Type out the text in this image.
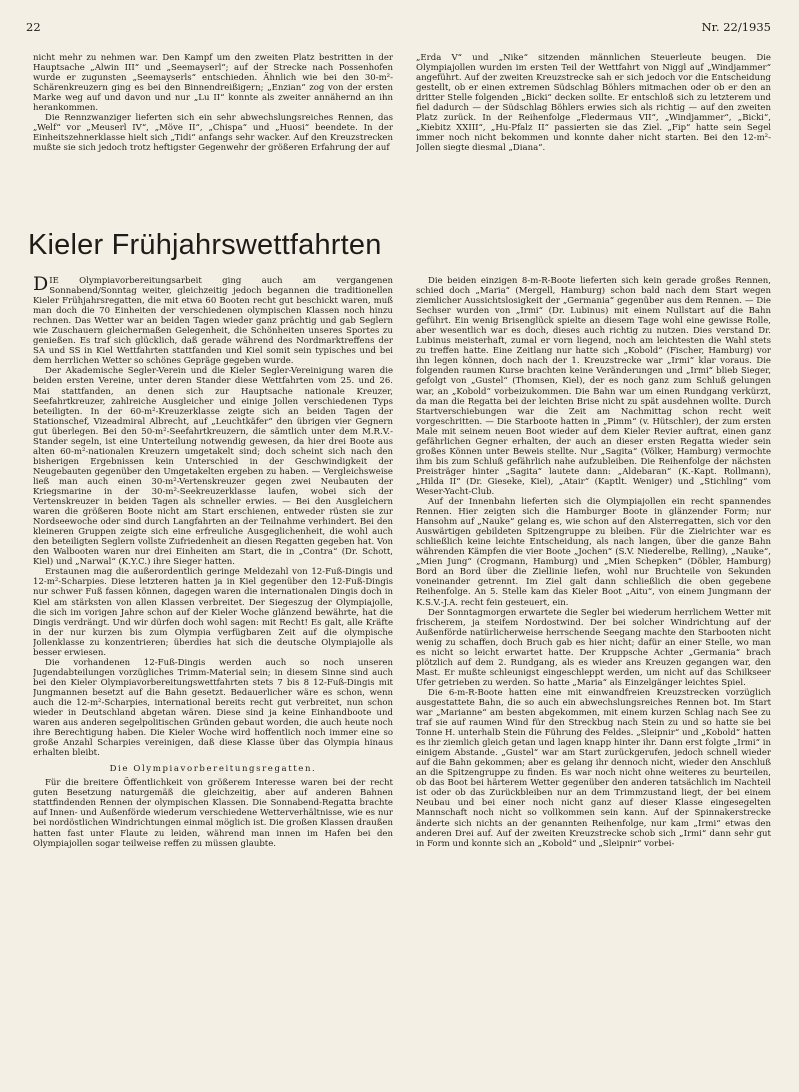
22	Nr. 22/1935

nicht mehr zu nehmen war. Den Kampf um den zweiten Platz bestritten in der Hauptsache „Alwin III“ und „Seemayserl“; auf der Strecke nach Possenhofen wurde er zugunsten „Seemayserls“ entschieden. Ähnlich wie bei den 30-m²-Schärenkreuzern ging es bei den Binnendreißigern; „Enzian“ zog von der ersten Marke weg auf und davon und nur „Lu II“ konnte als zweiter annähernd an ihn herankommen.

Die Rennzwanziger lieferten sich ein sehr abwechslungsreiches Rennen, das „Welf“ vor „Meuserl IV“, „Möve II“, „Chispa“ und „Huosi“ beendete. In der Einheitszehnerklasse hielt sich „Tidi“ anfangs sehr wacker. Auf den Kreuzstrecken mußte sie sich jedoch trotz heftigster Gegenwehr der größeren Erfahrung der auf

„Erda V“ und „Nike“ sitzenden männlichen Steuerleute beugen. Die Olympiajollen wurden im ersten Teil der Wettfahrt von Niggl auf „Windjammer“ angeführt. Auf der zweiten Kreuzstrecke sah er sich jedoch vor die Entscheidung gestellt, ob er einen extremen Südschlag Böhlers mitmachen oder ob er den an dritter Stelle folgenden „Bicki“ decken sollte. Er entschloß sich zu letzterem und fiel dadurch — der Südschlag Böhlers erwies sich als richtig — auf den zweiten Platz zurück. In der Reihenfolge „Fledermaus VII“, „Windjammer“, „Bicki“, „Kiebitz XXIII“, „Hu-Pfalz II“ passierten sie das Ziel. „Fip“ hatte sein Segel immer noch nicht bekommen und konnte daher nicht starten. Bei den 12-m²-Jollen siegte diesmal „Diana“.

Kieler Frühjahrswettfahrten

DIE Olympiavorbereitungsarbeit ging auch am vergangenen Sonnabend/Sonntag weiter, gleichzeitig jedoch begannen die traditionellen Kieler Frühjahrsregatten, die mit etwa 60 Booten recht gut beschickt waren, muß man doch die 70 Einheiten der verschiedenen olympischen Klassen noch hinzu rechnen. Das Wetter war an beiden Tagen wieder ganz prächtig und gab Seglern wie Zuschauern gleichermaßen Gelegenheit, die Schönheiten unseres Sportes zu genießen. Es traf sich glücklich, daß gerade während des Nordmarktreffens der SA und SS in Kiel Wettfahrten stattfanden und Kiel somit sein typisches und bei dem herrlichen Wetter so schönes Gepräge gegeben wurde.

Der Akademische Segler-Verein und die Kieler Segler-Vereinigung waren die beiden ersten Vereine, unter deren Stander diese Wettfahrten vom 25. und 26. Mai stattfanden, an denen sich zur Hauptsache nationale Kreuzer, Seefahrtkreuzer, zahlreiche Ausgleicher und einige Jollen verschiedenen Typs beteiligten. In der 60-m²-Kreuzerklasse zeigte sich an beiden Tagen der Stationschef, Vizeadmiral Albrecht, auf „Leuchtkäfer“ den übrigen vier Gegnern gut überlegen. Bei den 50-m²-Seefahrtkreuzern, die sämtlich unter dem M.R.V.-Stander segeln, ist eine Unterteilung notwendig gewesen, da hier drei Boote aus alten 60-m²-nationalen Kreuzern umgetakelt sind; doch scheint sich nach den bisherigen Ergebnissen kein Unterschied in der Geschwindigkeit der Neugebauten gegenüber den Umgetakelten ergeben zu haben. — Vergleichsweise ließ man auch einen 30-m²-Vertenskreuzer gegen zwei Neubauten der Kriegsmarine in der 30-m²-Seekreuzerklasse laufen, wobei sich der Vertenskreuzer in beiden Tagen als schneller erwies. — Bei den Ausgleichern waren die größeren Boote nicht am Start erschienen, entweder rüsten sie zur Nordseewoche oder sind durch Langfahrten an der Teilnahme verhindert. Bei den kleineren Gruppen zeigte sich eine erfreuliche Ausgeglichenheit, die wohl auch den beteiligten Seglern vollste Zufriedenheit an diesen Regatten gegeben hat. Von den Walbooten waren nur drei Einheiten am Start, die in „Contra“ (Dr. Schott, Kiel) und „Narwal“ (K.Y.C.) ihre Sieger hatten.

Erstaunen mag die außerordentlich geringe Meldezahl von 12-Fuß-Dingis und 12-m²-Scharpies. Diese letzteren hatten ja in Kiel gegenüber den 12-Fuß-Dingis nur schwer Fuß fassen können, dagegen waren die internationalen Dingis doch in Kiel am stärksten von allen Klassen verbreitet. Der Siegeszug der Olympiajolle, die sich im vorigen Jahre schon auf der Kieler Woche glänzend bewährte, hat die Dingis verdrängt. Und wir dürfen doch wohl sagen: mit Recht! Es galt, alle Kräfte in der nur kurzen bis zum Olympia verfügbaren Zeit auf die olympische Jollenklasse zu konzentrieren; überdies hat sich die deutsche Olympiajolle als besser erwiesen.

Die vorhandenen 12-Fuß-Dingis werden auch so noch unseren Jugendabteilungen vorzügliches Trimm-Material sein; in diesem Sinne sind auch bei den Kieler Olympiavorbereitungswettfahrten stets 7 bis 8 12-Fuß-Dingis mit Jungmannen besetzt auf die Bahn gesetzt. Bedauerlicher wäre es schon, wenn auch die 12-m²-Scharpies, international bereits recht gut verbreitet, nun schon wieder in Deutschland abgetan wären. Diese sind ja keine Einhandboote und waren aus anderen segelpolitischen Gründen gebaut worden, die auch heute noch ihre Berechtigung haben. Die Kieler Woche wird hoffentlich noch immer eine so große Anzahl Scharpies vereinigen, daß diese Klasse über das Olympia hinaus erhalten bleibt.

Die Olympiavorbereitungsregatten.

Für die breitere Öffentlichkeit von größerem Interesse waren bei der recht guten Besetzung naturgemäß die gleichzeitig, aber auf anderen Bahnen stattfindenden Rennen der olympischen Klassen. Die Sonnabend-Regatta brachte auf Innen- und Außenförde wiederum verschiedene Wetterverhältnisse, wie es nur bei nordöstlichen Windrichtungen einmal möglich ist. Die großen Klassen draußen hatten fast unter Flaute zu leiden, während man innen im Hafen bei den Olympiajollen sogar teilweise reffen zu müssen glaubte.

Die beiden einzigen 8-m-R-Boote lieferten sich kein gerade großes Rennen, schied doch „Maria“ (Mergell, Hamburg) schon bald nach dem Start wegen ziemlicher Aussichtslosigkeit der „Germania“ gegenüber aus dem Rennen. — Die Sechser wurden von „Irmi“ (Dr. Lubinus) mit einem Nullstart auf die Bahn geführt. Ein wenig Brisenglück spielte an diesem Tage wohl eine gewisse Rolle, aber wesentlich war es doch, dieses auch richtig zu nutzen. Dies verstand Dr. Lubinus meisterhaft, zumal er vorn liegend, noch am leichtesten die Wahl stets zu treffen hatte. Eine Zeitlang nur hatte sich „Kobold“ (Fischer, Hamburg) vor ihn legen können, doch nach der 1. Kreuzstrecke war „Irmi“ klar voraus. Die folgenden raumen Kurse brachten keine Veränderungen und „Irmi“ blieb Sieger, gefolgt von „Gustel“ (Thomsen, Kiel), der es noch ganz zum Schluß gelungen war, an „Kobold“ vorbeizukommen. Die Bahn war um einen Rundgang verkürzt, da man die Regatta bei der leichten Brise nicht zu spät ausdehnen wollte. Durch Startverschiebungen war die Zeit am Nachmittag schon recht weit vorgeschritten. — Die Starboote hatten in „Pimm“ (v. Hütschler), der zum ersten Male mit seinem neuen Boot wieder auf dem Kieler Revier auftrat, einen ganz gefährlichen Gegner erhalten, der auch an dieser ersten Regatta wieder sein großes Können unter Beweis stellte. Nur „Sagita“ (Völker, Hamburg) vermochte ihm bis zum Schluß gefährlich nahe aufzubleiben. Die Reihenfolge der nächsten Preisträger hinter „Sagita“ lautete dann: „Aldebaran“ (K.-Kapt. Rollmann), „Hilda II“ (Dr. Gieseke, Kiel), „Atair“ (Kaptlt. Weniger) und „Stichling“ vom Weser-Yacht-Club.

Auf der Innenbahn lieferten sich die Olympiajollen ein recht spannendes Rennen. Hier zeigten sich die Hamburger Boote in glänzender Form; nur Hansohm auf „Nauke“ gelang es, wie schon auf den Alsterregatten, sich vor den Auswärtigen gebildeten Spitzengruppe zu bleiben. Für die Zielrichter war es schließlich keine leichte Entscheidung, als nach langen, über die ganze Bahn währenden Kämpfen die vier Boote „Jochen“ (S.V. Niederelbe, Relling), „Nauke“, „Mien Jung“ (Crogmann, Hamburg) und „Mien Schepken“ (Döbler, Hamburg) Bord an Bord über die Ziellinie liefen, wohl nur Bruchteile von Sekunden voneinander getrennt. Im Ziel galt dann schließlich die oben gegebene Reihenfolge. An 5. Stelle kam das Kieler Boot „Aitu“, von einem Jungmann der K.S.V.-J.A. recht fein gesteuert, ein.

Der Sonntagmorgen erwartete die Segler bei wiederum herrlichem Wetter mit frischerem, ja steifem Nordostwind. Der bei solcher Windrichtung auf der Außenförde natürlicherweise herrschende Seegang machte den Starbooten nicht wenig zu schaffen, doch Bruch gab es hier nicht; dafür an einer Stelle, wo man es nicht so leicht erwartet hatte. Der Kruppsche Achter „Germania“ brach plötzlich auf dem 2. Rundgang, als es wieder ans Kreuzen gegangen war, den Mast. Er mußte schleunigst eingeschleppt werden, um nicht auf das Schilkseer Ufer getrieben zu werden. So hatte „Maria“ als Einzelgänger leichtes Spiel.

Die 6-m-R-Boote hatten eine mit einwandfreien Kreuzstrecken vorzüglich ausgestattete Bahn, die so auch ein abwechslungsreiches Rennen bot. Im Start war „Marianne“ am besten abgekommen, mit einem kurzen Schlag nach See zu traf sie auf raumen Wind für den Streckbug nach Stein zu und so hatte sie bei Tonne H. unterhalb Stein die Führung des Feldes. „Sleipnir“ und „Kobold“ hatten es ihr ziemlich gleich getan und lagen knapp hinter ihr. Dann erst folgte „Irmi“ in einigem Abstande. „Gustel“ war am Start zurückgerufen, jedoch schnell wieder auf die Bahn gekommen; aber es gelang ihr dennoch nicht, wieder den Anschluß an die Spitzengruppe zu finden. Es war noch nicht ohne weiteres zu beurteilen, ob das Boot bei härterem Wetter gegenüber den anderen tatsächlich im Nachteil ist oder ob das Zurückbleiben nur an dem Trimmzustand liegt, der bei einem Neubau und bei einer noch nicht ganz auf dieser Klasse eingesegelten Mannschaft noch nicht so vollkommen sein kann. Auf der Spinnakerstrecke änderte sich nichts an der genannten Reihenfolge, nur kam „Irmi“ etwas den anderen Drei auf. Auf der zweiten Kreuzstrecke schob sich „Irmi“ dann sehr gut in Form und konnte sich an „Kobold“ und „Sleipnir“ vorbei-
